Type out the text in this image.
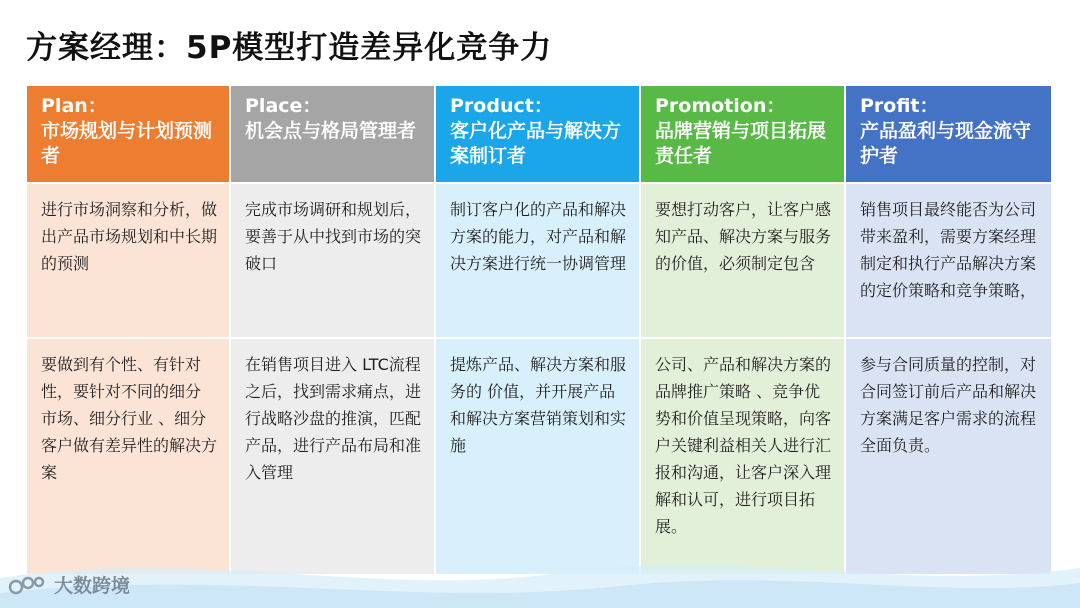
方案经理：5P模型打造差异化竞争力
Plan：
市场规划与计划预测者
Place：
机会点与格局管理者
Product：
客户化产品与解决方案制订者
Promotion：
品牌营销与项目拓展责任者
Profit：
产品盈利与现金流守护者
进行市场洞察和分析，做出产品市场规划和中长期的预测
完成市场调研和规划后， 要善于从中找到市场的突破口
制订客户化的产品和解决方案的能力，对产品和解决方案进行统一协调管理
要想打动客户，让客户感知产品、解决方案与服务的价值，必须制定包含
销售项目最终能否为公司带来盈利，需要方案经理制定和执行产品解决方案的定价策略和竞争策略，
要做到有个性、有针对性，要针对不同的细分 市场、细分行业 、细分客户做有差异性的解决方 案
在销售项目进入 LTC流程之后，找到需求痛点，进行战略沙盘的推演，匹配产品，进行产品布局和准入管理
提炼产品、解决方案和服务的 价值，并开展产品和解决方案营销策划和实施
公司、产品和解决方案的品牌推广策略 、竞争优势和价值呈现策略，向客户关键利益相关人进行汇报和沟通，让客户深入理解和认可，进行项目拓展。
参与合同质量的控制，对合同签订前后产品和解决方案满足客户需求的流程全面负责。
大数跨境
